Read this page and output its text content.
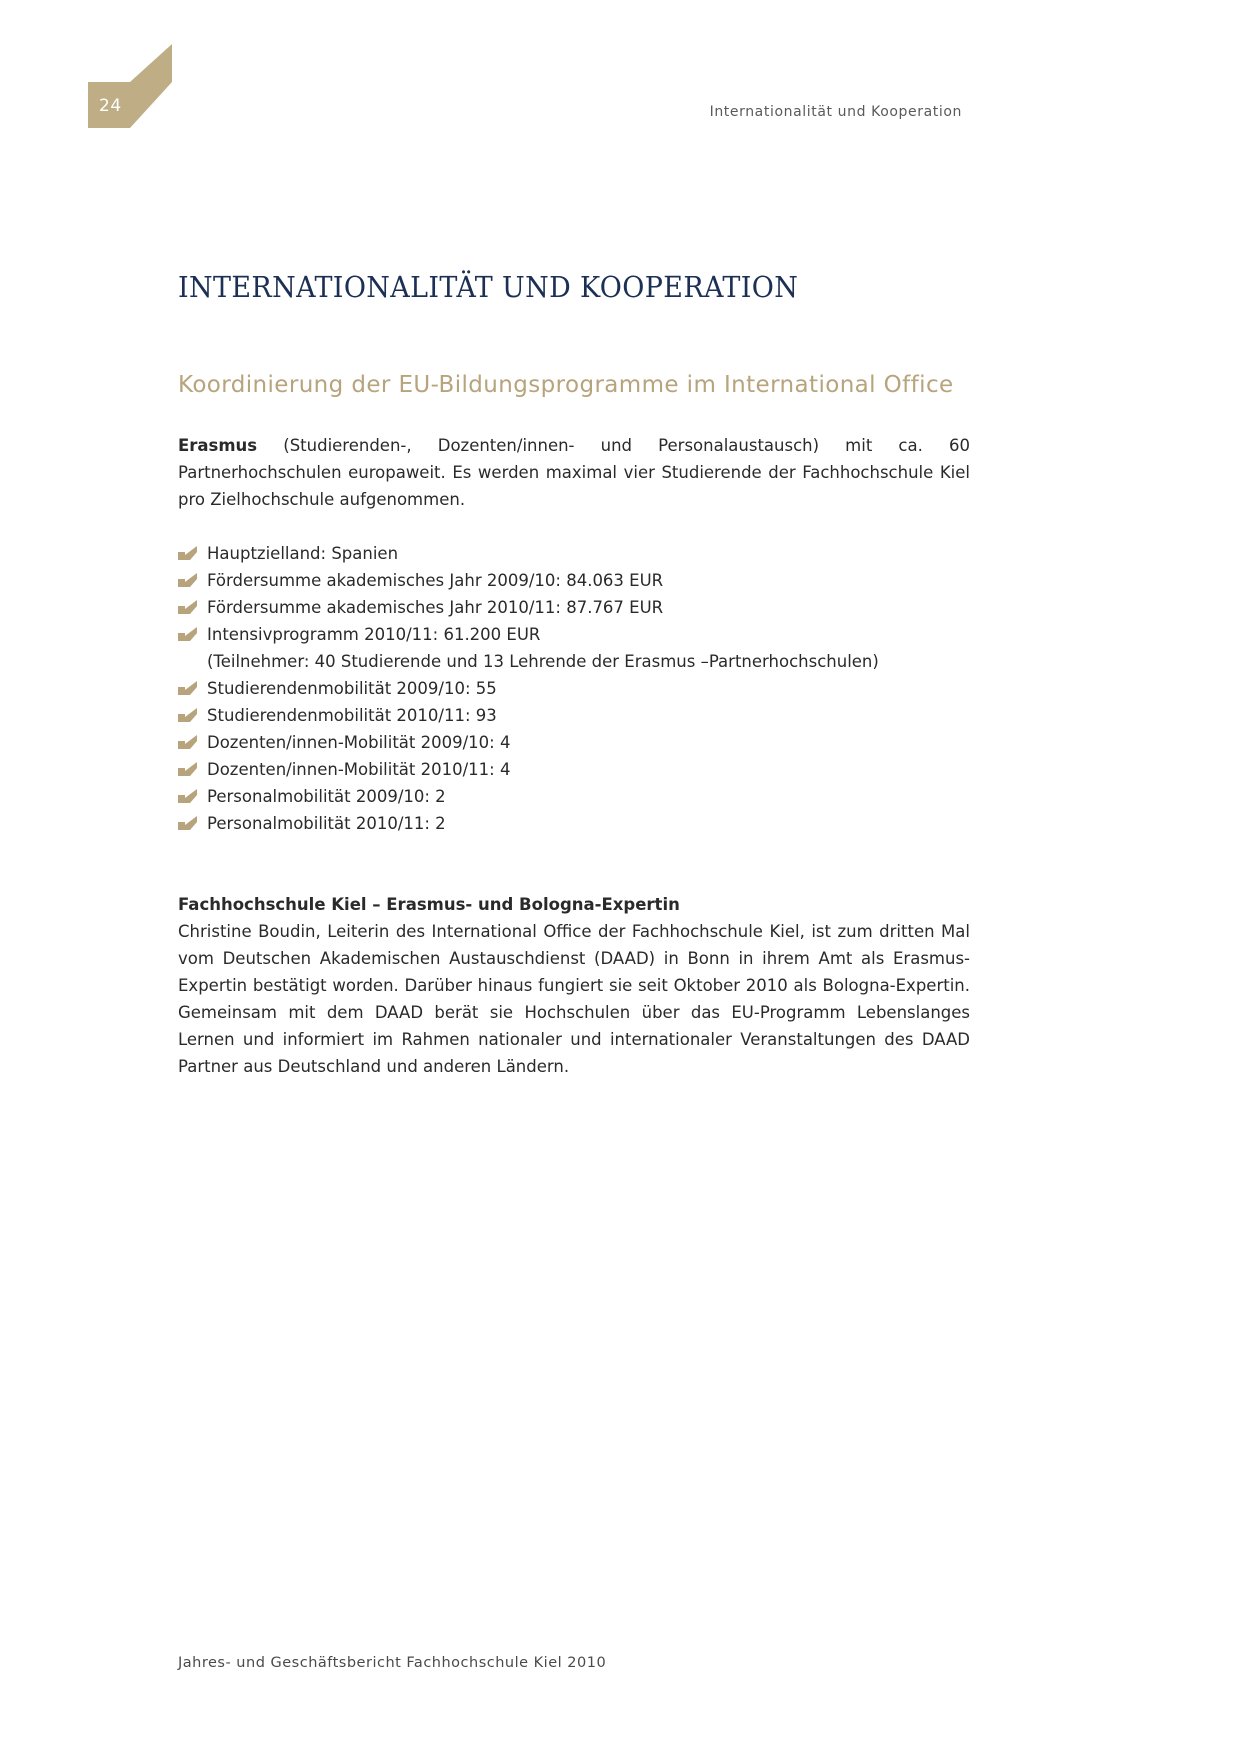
24	Internationalität und Kooperation
INTERNATIONALITÄT UND KOOPERATION
Koordinierung der EU-Bildungsprogramme im International Office

Erasmus (Studierenden-, Dozenten/innen- und Personalaustausch) mit ca. 60 Partnerhochschulen europaweit. Es werden maximal vier Studierende der Fachhochschule Kiel pro Zielhochschule aufgenommen.

Hauptzielland: Spanien
Fördersumme akademisches Jahr 2009/10: 84.063 EUR
Fördersumme akademisches Jahr 2010/11: 87.767 EUR
Intensivprogramm 2010/11: 61.200 EUR
(Teilnehmer: 40 Studierende und 13 Lehrende der Erasmus –Partnerhochschulen)
Studierendenmobilität 2009/10: 55
Studierendenmobilität 2010/11: 93
Dozenten/innen-Mobilität 2009/10: 4
Dozenten/innen-Mobilität 2010/11: 4
Personalmobilität 2009/10: 2
Personalmobilität 2010/11: 2

Fachhochschule Kiel – Erasmus- und Bologna-Expertin

Christine Boudin, Leiterin des International Office der Fachhochschule Kiel, ist zum dritten Mal vom Deutschen Akademischen Austauschdienst (DAAD) in Bonn in ihrem Amt als Erasmus-Expertin bestätigt worden. Darüber hinaus fungiert sie seit Oktober 2010 als Bologna-Expertin. Gemeinsam mit dem DAAD berät sie Hochschulen über das EU-Programm Lebenslanges Lernen und informiert im Rahmen nationaler und internationaler Veranstaltungen des DAAD Partner aus Deutschland und anderen Ländern.

Jahres- und Geschäftsbericht Fachhochschule Kiel 2010
